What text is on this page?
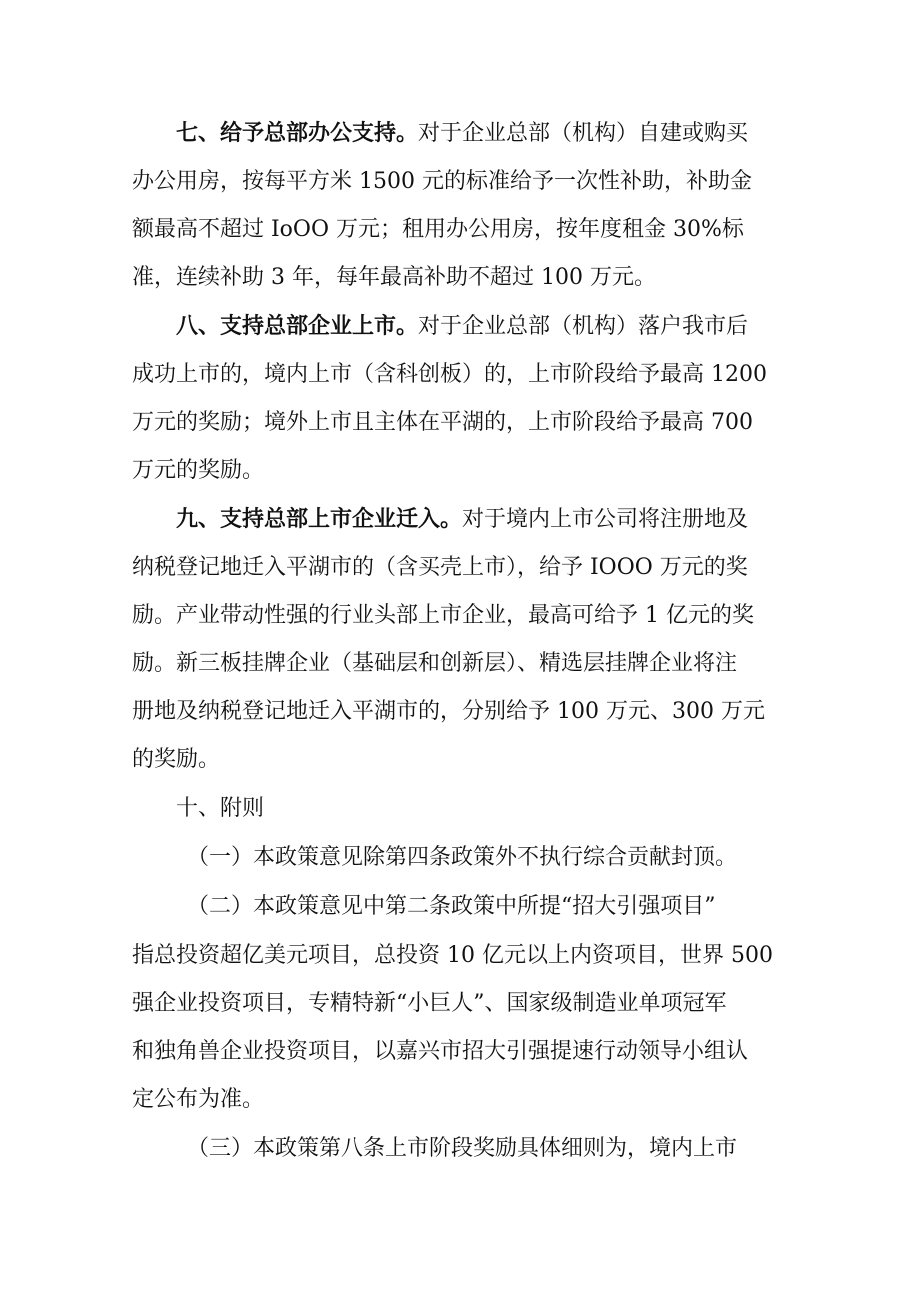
七、给予总部办公支持。对于企业总部（机构）自建或购买
办公用房，按每平方米 1500 元的标准给予一次性补助，补助金
额最高不超过 IoOO 万元；租用办公用房，按年度租金 30%标
准，连续补助 3 年，每年最高补助不超过 100 万元。
八、支持总部企业上市。对于企业总部（机构）落户我市后
成功上市的，境内上市（含科创板）的，上市阶段给予最高 1200
万元的奖励；境外上市且主体在平湖的，上市阶段给予最高 700
万元的奖励。
九、支持总部上市企业迁入。对于境内上市公司将注册地及
纳税登记地迁入平湖市的（含买壳上市），给予 IOOO 万元的奖
励。产业带动性强的行业头部上市企业，最高可给予 1 亿元的奖
励。新三板挂牌企业（基础层和创新层）、精选层挂牌企业将注
册地及纳税登记地迁入平湖市的，分别给予 100 万元、300 万元
的奖励。
十、附则
（一）本政策意见除第四条政策外不执行综合贡献封顶。
（二）本政策意见中第二条政策中所提“招大引强项目”
指总投资超亿美元项目，总投资 10 亿元以上内资项目，世界 500
强企业投资项目，专精特新“小巨人”、国家级制造业单项冠军
和独角兽企业投资项目，以嘉兴市招大引强提速行动领导小组认
定公布为准。
（三）本政策第八条上市阶段奖励具体细则为，境内上市
